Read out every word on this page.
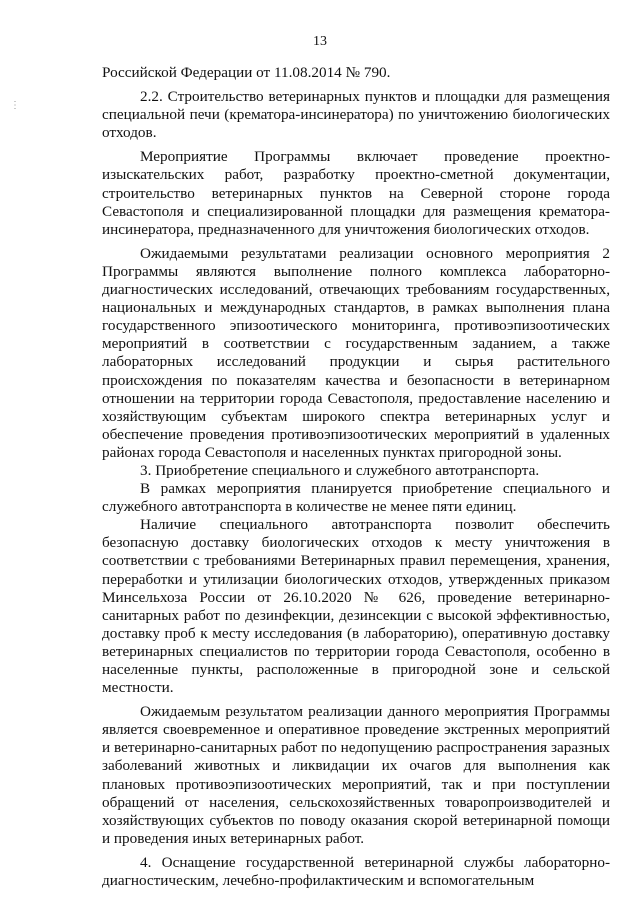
13
⋮

Российской Федерации от 11.08.2014 № 790.

2.2. Строительство ветеринарных пунктов и площадки для размещения специальной печи (крематора-инсинератора) по уничтожению биологических отходов.

Мероприятие Программы включает проведение проектно-изыскательских работ, разработку проектно-сметной документации, строительство ветеринарных пунктов на Северной стороне города Севастополя и специализированной площадки для размещения крематора-инсинератора, предназначенного для уничтожения биологических отходов.

Ожидаемыми результатами реализации основного мероприятия 2 Программы являются выполнение полного комплекса лабораторно-диагностических исследований, отвечающих требованиям государственных, национальных и международных стандартов, в рамках выполнения плана государственного эпизоотического мониторинга, противоэпизоотических мероприятий в соответствии с государственным заданием, а также лабораторных исследований продукции и сырья растительного происхождения по показателям качества и безопасности в ветеринарном отношении на территории города Севастополя, предоставление населению и хозяйствующим субъектам широкого спектра ветеринарных услуг и обеспечение проведения противоэпизоотических мероприятий в удаленных районах города Севастополя и населенных пунктах пригородной зоны.

3. Приобретение специального и служебного автотранспорта.

В рамках мероприятия планируется приобретение специального и служебного автотранспорта в количестве не менее пяти единиц.

Наличие специального автотранспорта позволит обеспечить безопасную доставку биологических отходов к месту уничтожения в соответствии с требованиями Ветеринарных правил перемещения, хранения, переработки и утилизации биологических отходов, утвержденных приказом Минсельхоза России от 26.10.2020 № 626, проведение ветеринарно-санитарных работ по дезинфекции, дезинсекции с высокой эффективностью, доставку проб к месту исследования (в лабораторию), оперативную доставку ветеринарных специалистов по территории города Севастополя, особенно в населенные пункты, расположенные в пригородной зоне и сельской местности.

Ожидаемым результатом реализации данного мероприятия Программы является своевременное и оперативное проведение экстренных мероприятий и ветеринарно-санитарных работ по недопущению распространения заразных заболеваний животных и ликвидации их очагов для выполнения как плановых противоэпизоотических мероприятий, так и при поступлении обращений от населения, сельскохозяйственных товаропроизводителей и хозяйствующих субъектов по поводу оказания скорой ветеринарной помощи и проведения иных ветеринарных работ.

4. Оснащение государственной ветеринарной службы лабораторно-диагностическим, лечебно-профилактическим и вспомогательным
